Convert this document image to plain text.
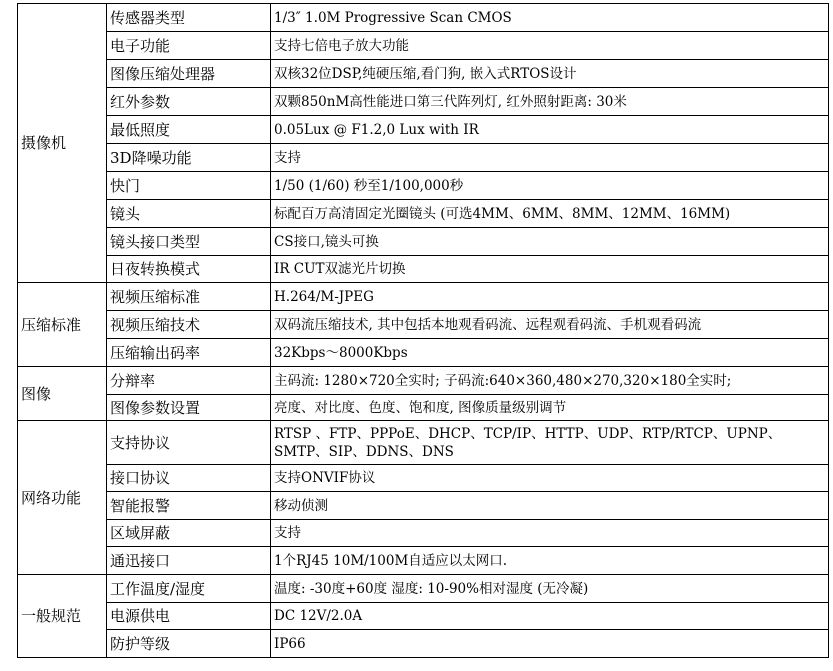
摄像机	传感器类型	1/3″ 1.0M Progressive Scan CMOS
	电子功能	支持七倍电子放大功能
	图像压缩处理器	双核32位DSP,纯硬压缩,看门狗, 嵌入式RTOS设计
	红外参数	双颗850nM高性能进口第三代阵列灯, 红外照射距离: 30米
	最低照度	0.05Lux @ F1.2,0 Lux with IR
	3D降噪功能	支持
	快门	1/50 (1/60) 秒至1/100,000秒
	镜头	标配百万高清固定光圈镜头 (可选4MM、6MM、8MM、12MM、16MM)
	镜头接口类型	CS接口,镜头可换
	日夜转换模式	IR CUT双滤光片切换
压缩标准	视频压缩标准	H.264/M-JPEG
	视频压缩技术	双码流压缩技术, 其中包括本地观看码流、远程观看码流、手机观看码流
	压缩输出码率	32Kbps～8000Kbps
图像	分辩率	主码流: 1280×720全实时; 子码流:640×360,480×270,320×180全实时;
	图像参数设置	亮度、对比度、色度、饱和度, 图像质量级别调节
网络功能	支持协议	RTSP 、FTP、PPPoE、DHCP、TCP/IP、HTTP、UDP、RTP/RTCP、UPNP、SMTP、SIP、DDNS、DNS
	接口协议	支持ONVIF协议
	智能报警	移动侦测
	区域屏蔽	支持
	通迅接口	1个RJ45 10M/100M自适应以太网口.
一般规范	工作温度/湿度	温度: -30度+60度 湿度: 10-90%相对湿度 (无冷凝)
	电源供电	DC 12V/2.0A
	防护等级	IP66
